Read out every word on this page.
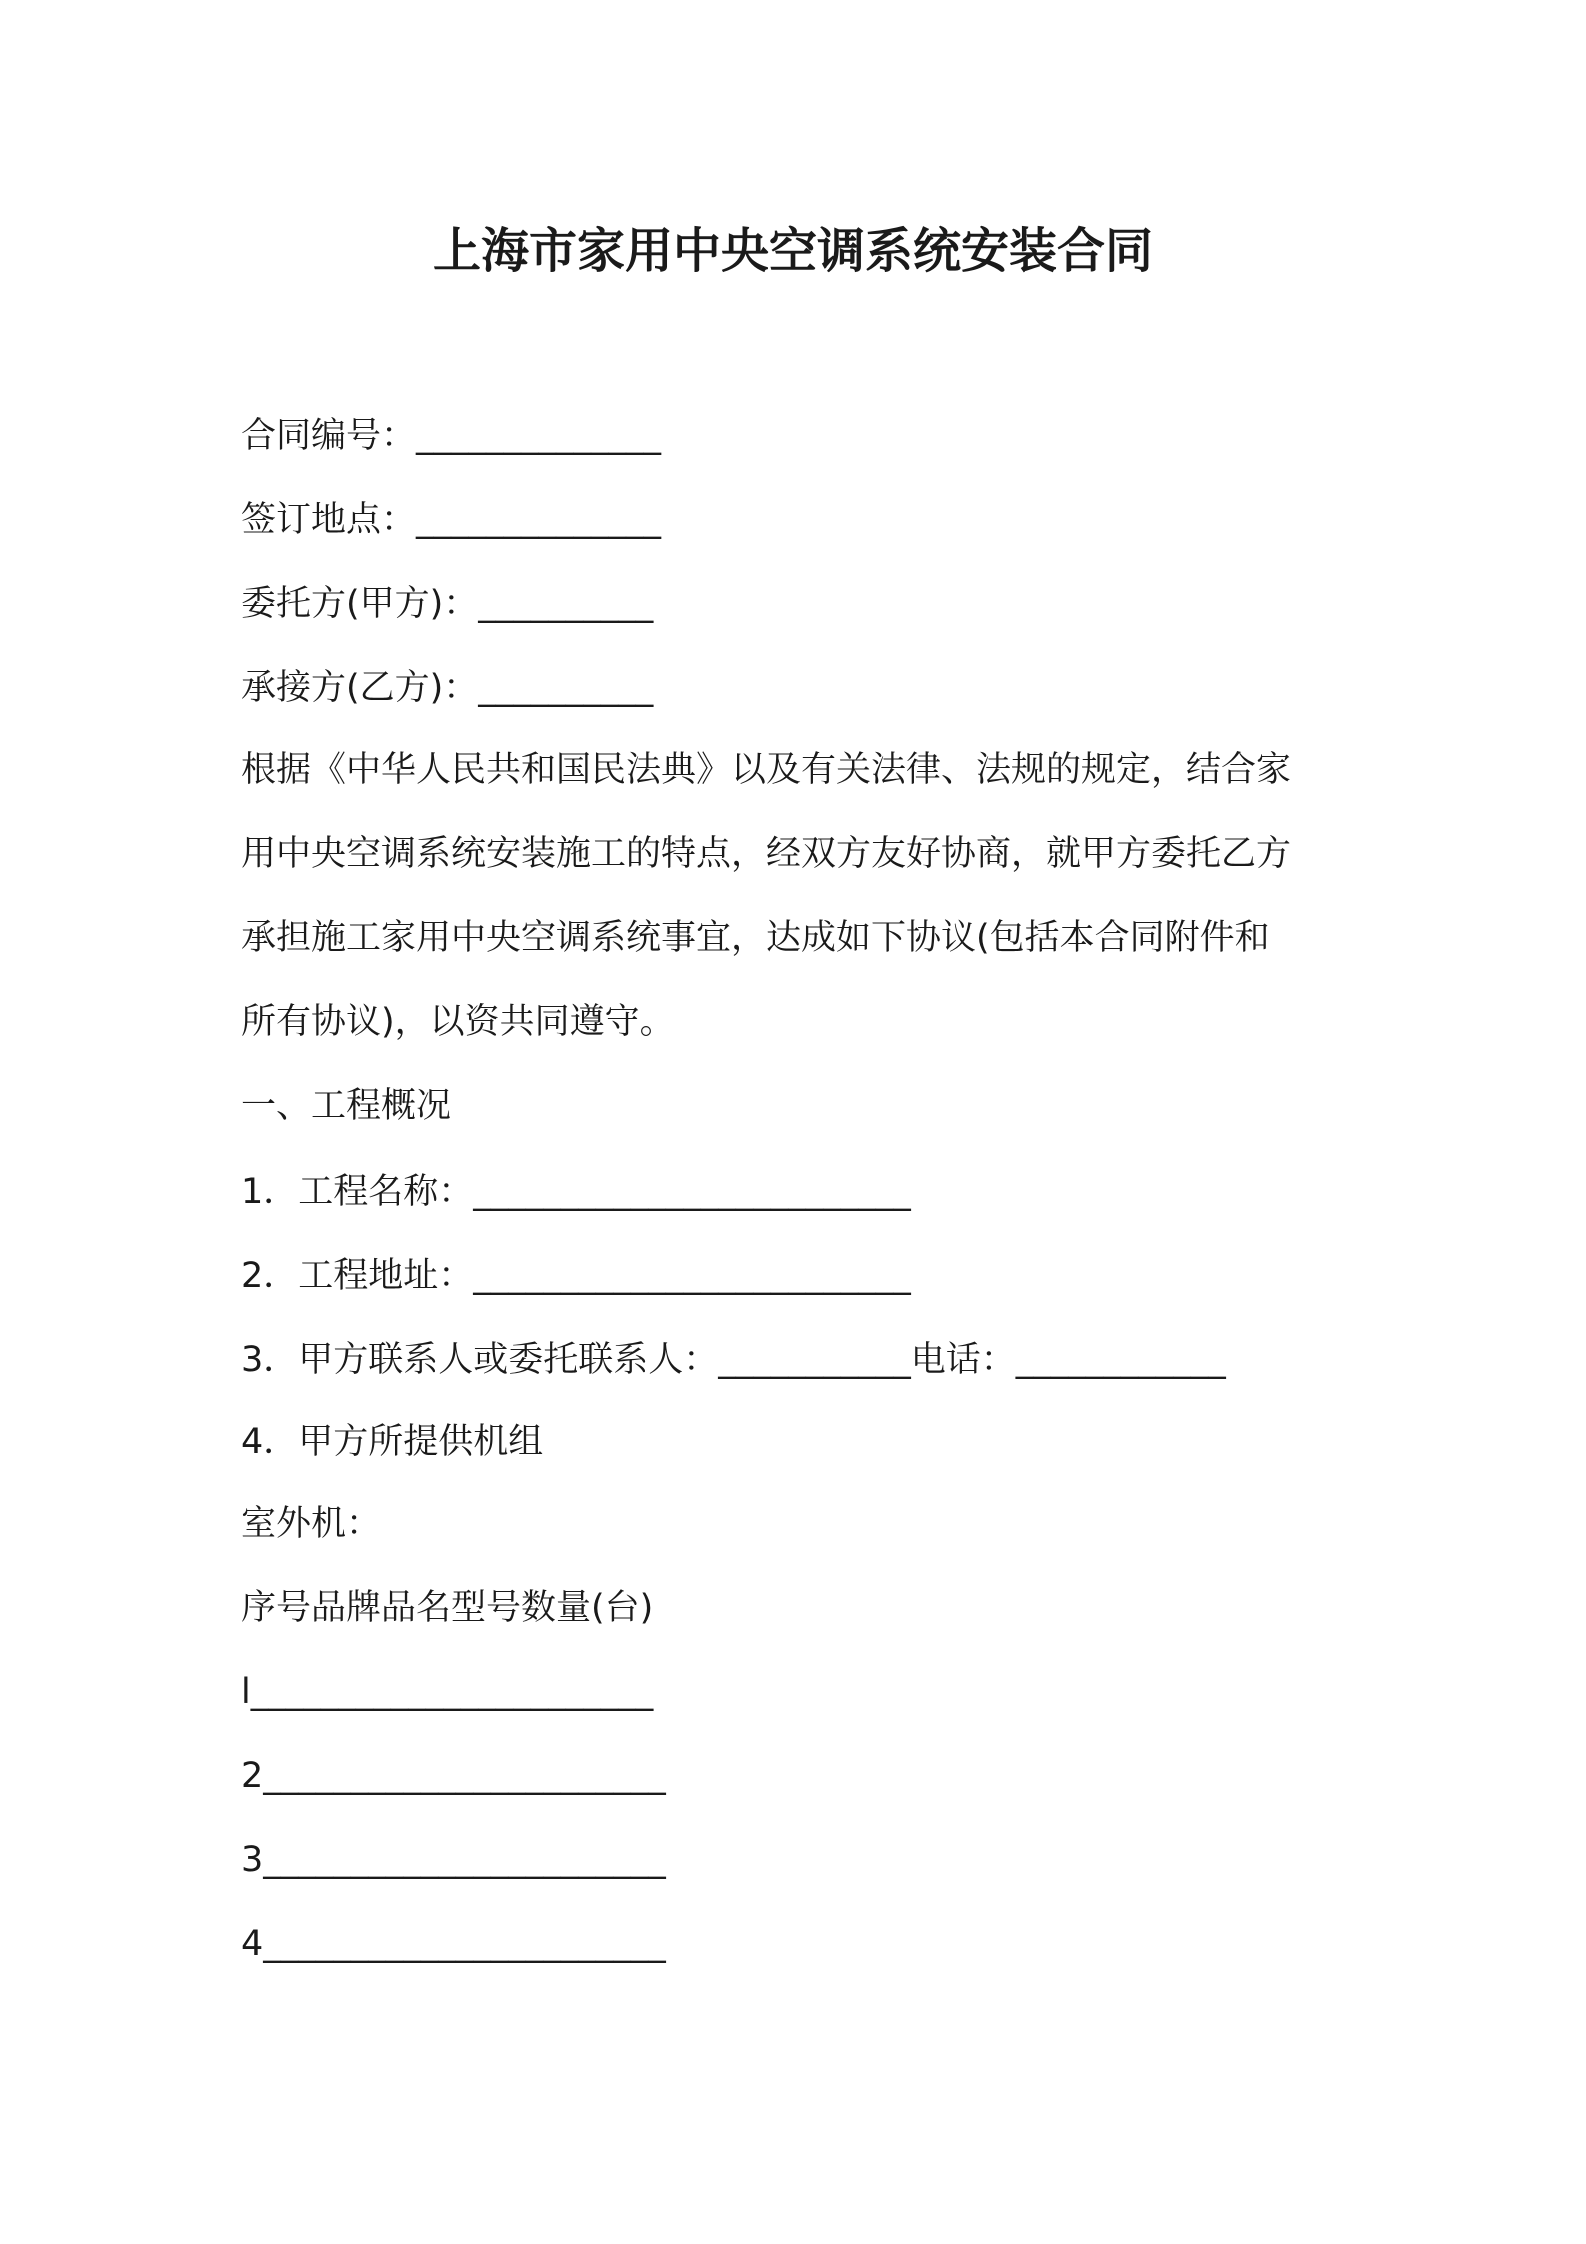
上海市家用中央空调系统安装合同
合同编号：______________
签订地点：______________
委托方(甲方)：__________
承接方(乙方)：__________

根据《中华人民共和国民法典》以及有关法律、法规的规定，结合家

用中央空调系统安装施工的特点，经双方友好协商，就甲方委托乙方

承担施工家用中央空调系统事宜，达成如下协议(包括本合同附件和

所有协议)，以资共同遵守。

一、工程概况
1．工程名称：_________________________
2．工程地址：_________________________
3．甲方联系人或委托联系人：___________电话：____________
4．甲方所提供机组
室外机：
序号品牌品名型号数量(台)
l_______________________
2_______________________
3_______________________
4_______________________
